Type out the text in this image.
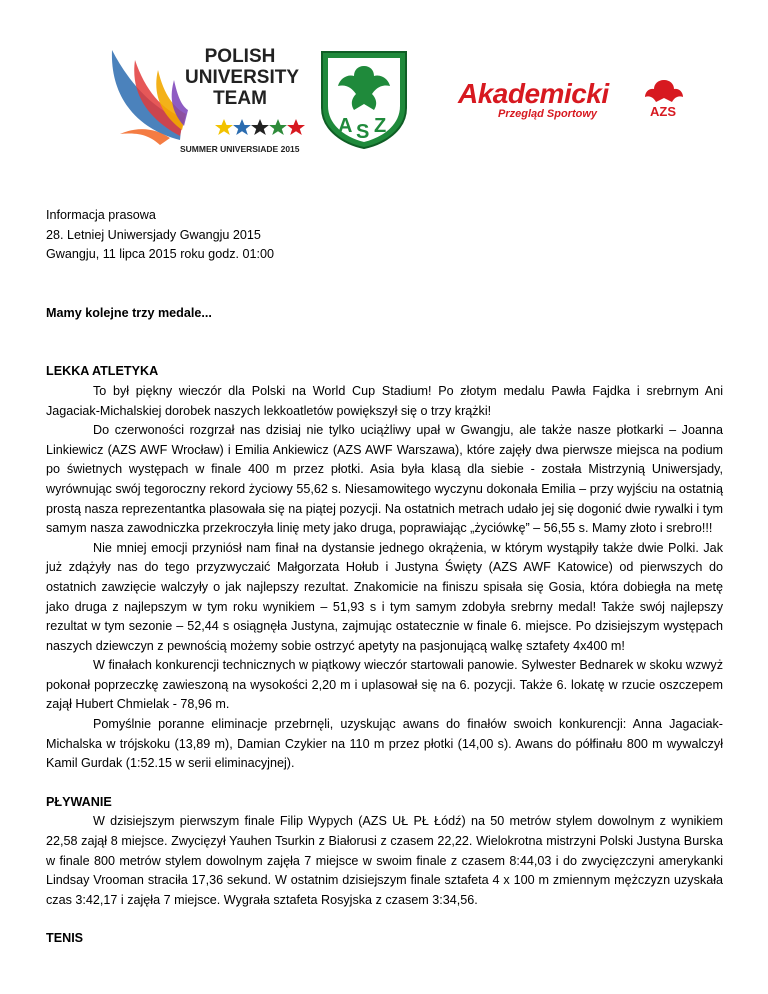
POLISH
UNIVERSITY
TEAM
SUMMER UNIVERSIADE 2015
A S Z
Akademicki
Przegląd Sportowy	AZS

Informacja prasowa

28. Letniej Uniwersjady Gwangju 2015

Gwangju, 11 lipca 2015 roku godz. 01:00

Mamy kolejne trzy medale...

LEKKA ATLETYKA

To był piękny wieczór dla Polski na World Cup Stadium! Po złotym medalu Pawła Fajdka i srebrnym Ani Jagaciak-Michalskiej dorobek naszych lekkoatletów powiększył się o trzy krążki!

Do czerwoności rozgrzał nas dzisiaj nie tylko uciążliwy upał w Gwangju, ale także nasze płotkarki – Joanna Linkiewicz (AZS AWF Wrocław) i Emilia Ankiewicz (AZS AWF Warszawa), które zajęły dwa pierwsze miejsca na podium po świetnych występach w finale 400 m przez płotki. Asia była klasą dla siebie - została Mistrzynią Uniwersjady, wyrównując swój tegoroczny rekord życiowy 55,62 s. Niesamowitego wyczynu dokonała Emilia – przy wyjściu na ostatnią prostą nasza reprezentantka plasowała się na piątej pozycji. Na ostatnich metrach udało jej się dogonić dwie rywalki i tym samym nasza zawodniczka przekroczyła linię mety jako druga, poprawiając „życiówkę” – 56,55 s. Mamy złoto i srebro!!!

Nie mniej emocji przyniósł nam finał na dystansie jednego okrążenia, w którym wystąpiły także dwie Polki. Jak już zdążyły nas do tego przyzwyczaić Małgorzata Hołub i Justyna Święty (AZS AWF Katowice) od pierwszych do ostatnich zawzięcie walczyły o jak najlepszy rezultat. Znakomicie na finiszu spisała się Gosia, która dobiegła na metę jako druga z najlepszym w tym roku wynikiem – 51,93 s i tym samym zdobyła srebrny medal! Także swój najlepszy rezultat w tym sezonie – 52,44 s osiągnęła Justyna, zajmując ostatecznie w finale 6. miejsce. Po dzisiejszym występach naszych dziewczyn z pewnością możemy sobie ostrzyć apetyty na pasjonującą walkę sztafety 4x400 m!

W finałach konkurencji technicznych w piątkowy wieczór startowali panowie. Sylwester Bednarek w skoku wzwyż pokonał poprzeczkę zawieszoną na wysokości 2,20 m i uplasował się na 6. pozycji. Także 6. lokatę w rzucie oszczepem zajął Hubert Chmielak - 78,96 m.

Pomyślnie poranne eliminacje przebrnęli, uzyskując awans do finałów swoich konkurencji: Anna Jagaciak-Michalska w trójskoku (13,89 m), Damian Czykier na 110 m przez płotki (14,00 s). Awans do półfinału 800 m wywalczył Kamil Gurdak (1:52.15 w serii eliminacyjnej).

PŁYWANIE

W dzisiejszym pierwszym finale Filip Wypych (AZS UŁ PŁ Łódź) na 50 metrów stylem dowolnym z wynikiem 22,58 zajął 8 miejsce. Zwycięzył Yauhen Tsurkin z Białorusi z czasem 22,22. Wielokrotna mistrzyni Polski Justyna Burska w finale 800 metrów stylem dowolnym zajęła 7 miejsce w swoim finale z czasem 8:44,03 i do zwycięzczyni amerykanki Lindsay Vrooman straciła 17,36 sekund. W ostatnim dzisiejszym finale sztafeta 4 x 100 m zmiennym mężczyzn uzyskała czas 3:42,17 i zajęła 7 miejsce. Wygrała sztafeta Rosyjska z czasem 3:34,56.

TENIS
